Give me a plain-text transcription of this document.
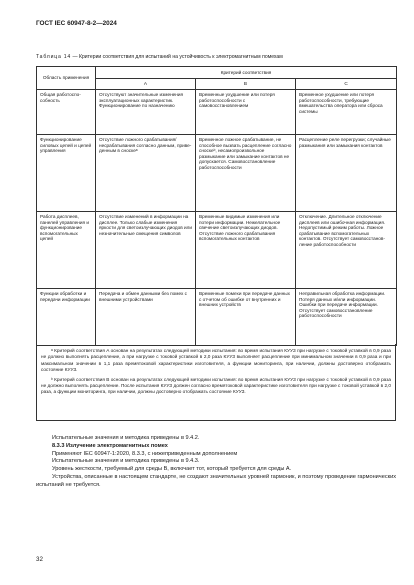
ГОСТ IEC 60947-8-2—2024
Таблица 14 — Критерии соответствия для испытаний на устойчивость к электромагнитным помехам
Область применения	Критерий соответствия		
	A	B	C
Общая работоспособность	Отсутствуют значительные изменения эксплуатационных характеристик. Функционирование по назначению	Временные ухудшение или потеря работоспособности с самовосстановлением	Временное ухудшение или потеря работоспособности, требующие вмешательства оператора или сброса системы
Функционирование силовых цепей и цепей управления	Отсутствие ложного срабатывания/несрабатывания согласно данным, приведенным в сноскеᵃ	Временное ложное срабатывание, не способное вызвать расцепление согласно сноскеᵇ, несамопроизвольное размыкание или замыкание контактов не допускается. Самовосстановление работоспособности	Расцепление реле перегрузки; случайные размыкания или замыкания контактов
Работа дисплеев, панелей управления и функционирование вспомогательных цепей	Отсутствие изменений в информации на дисплее. Только слабые изменения яркости для светоизлучающих диодов или незначительные смещения символов	Временные видимые изменения или потери информации. Нежелательное свечение светоизлучающих диодов. Отсутствие ложного срабатывания вспомогательных контактов	Отключение. Длительное отключение дисплеев или ошибочная информация. Недопустимый режим работы. Ложное срабатывание вспомогательных контактов. Отсутствует самовосстановление работоспособности
Функции обработки и передачи информации	Передача и обмен данными без помех с внешними устройствами	Временные помехи при передаче данных с отчетом об ошибке от внутренних и внешних устройств	Неправильная обработка информации. Потеря данных и/или информации. Ошибки при передаче информации. Отсутствует самовосстановление работоспособности

ᵃ Критерий соответствия A основан на результатах следующей методики испытания: во время испытания КУУЗ при нагрузке с токовой уставкой в 0,9 раза не должно выполнять расцепление, а при нагрузке с токовой уставкой в 2,0 раза КУУЗ выполняет расцепление при минимальном значении в 0,9 раза и при максимальном значении в 1,1 раза времятоковой характеристики изготовителя, а функции мониторинга, при наличии, должны достоверно отображать состояние КУУЗ.

ᵇ Критерий соответствия B основан на результатах следующей методики испытания: во время испытания КУУЗ при нагрузке с токовой уставкой в 0,9 раза не должно выполнять расцепление. После испытания КУУЗ должен согласно времятоковой характеристике изготовителя при нагрузке с токовой уставкой в 2,0 раза, а функции мониторинга, при наличии, должны достоверно отображать состояние КУУЗ.

Испытательные значения и методика приведены в 9.4.2.

8.3.3 Излучение электромагнитных помех

Применяют IEC 60947-1:2020, 8.3.3, с нижеприведенным дополнением

Испытательные значения и методика приведены в 9.4.3.

Уровень жесткости, требуемый для среды B, включает тот, который требуется для среды A.

Устройства, описанные в настоящем стандарте, не создают значительных уровней гармоник, и поэтому проведение гармонических испытаний не требуется.

32
